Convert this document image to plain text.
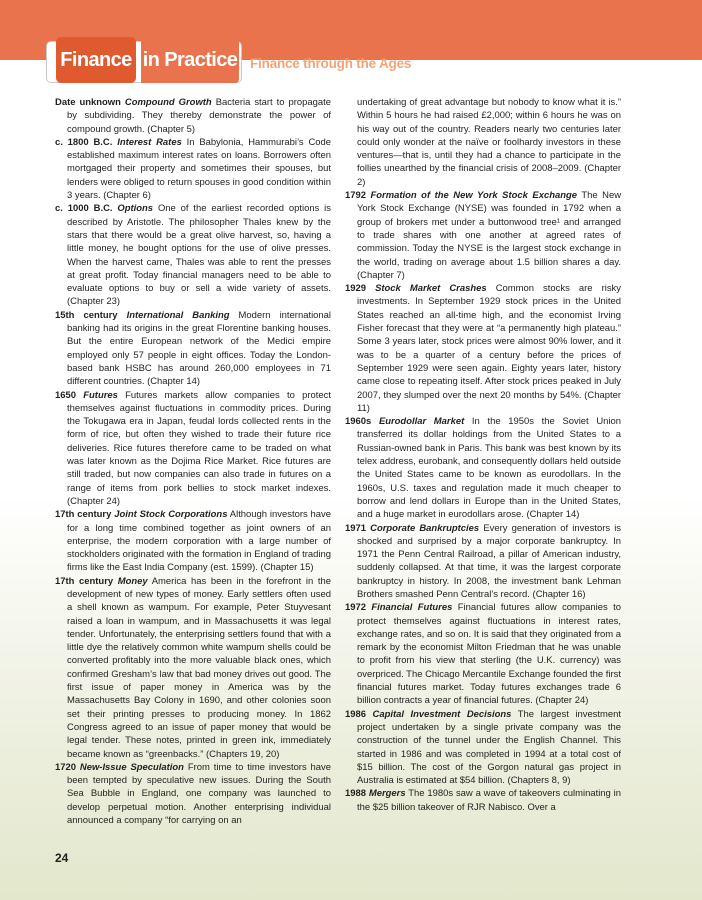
Finance in Practice Finance through the Ages

Date unknown Compound Growth Bacteria start to propagate by subdividing. They thereby demonstrate the power of compound growth. (Chapter 5)

c. 1800 B.C. Interest Rates In Babylonia, Hammurabi’s Code established maximum interest rates on loans. Borrowers often mortgaged their property and sometimes their spouses, but lenders were obliged to return spouses in good condition within 3 years. (Chapter 6)

c. 1000 B.C. Options One of the earliest recorded options is described by Aristotle. The philosopher Thales knew by the stars that there would be a great olive harvest, so, having a little money, he bought options for the use of olive presses. When the harvest came, Thales was able to rent the presses at great profit. Today financial managers need to be able to evaluate options to buy or sell a wide variety of assets. (Chapter 23)

15th century International Banking Modern international banking had its origins in the great Florentine banking houses. But the entire European network of the Medici empire employed only 57 people in eight offices. Today the London-based bank HSBC has around 260,000 employees in 71 different countries. (Chapter 14)

1650 Futures Futures markets allow companies to protect themselves against fluctuations in commodity prices. During the Tokugawa era in Japan, feudal lords collected rents in the form of rice, but often they wished to trade their future rice deliveries. Rice futures therefore came to be traded on what was later known as the Dojima Rice Market. Rice futures are still traded, but now companies can also trade in futures on a range of items from pork bellies to stock market indexes. (Chapter 24)

17th century Joint Stock Corporations Although investors have for a long time combined together as joint owners of an enterprise, the modern corporation with a large number of stockholders originated with the formation in England of trading firms like the East India Company (est. 1599). (Chapter 15)

17th century Money America has been in the forefront in the development of new types of money. Early settlers often used a shell known as wampum. For example, Peter Stuyvesant raised a loan in wampum, and in Massachusetts it was legal tender. Unfortunately, the enterprising settlers found that with a little dye the relatively common white wampum shells could be converted profitably into the more valuable black ones, which confirmed Gresham’s law that bad money drives out good. The first issue of paper money in America was by the Massachusetts Bay Colony in 1690, and other colonies soon set their printing presses to producing money. In 1862 Congress agreed to an issue of paper money that would be legal tender. These notes, printed in green ink, immediately became known as “greenbacks.” (Chapters 19, 20)

1720 New-Issue Speculation From time to time investors have been tempted by speculative new issues. During the South Sea Bubble in England, one company was launched to develop perpetual motion. Another enterprising individual announced a company “for carrying on an

undertaking of great advantage but nobody to know what it is.” Within 5 hours he had raised £2,000; within 6 hours he was on his way out of the country. Readers nearly two centuries later could only wonder at the naïve or foolhardy investors in these ventures—that is, until they had a chance to participate in the follies unearthed by the financial crisis of 2008–2009. (Chapter 2)

1792 Formation of the New York Stock Exchange The New York Stock Exchange (NYSE) was founded in 1792 when a group of brokers met under a buttonwood tree¹ and arranged to trade shares with one another at agreed rates of commission. Today the NYSE is the largest stock exchange in the world, trading on average about 1.5 billion shares a day. (Chapter 7)

1929 Stock Market Crashes Common stocks are risky investments. In September 1929 stock prices in the United States reached an all-time high, and the economist Irving Fisher forecast that they were at “a permanently high plateau.” Some 3 years later, stock prices were almost 90% lower, and it was to be a quarter of a century before the prices of September 1929 were seen again. Eighty years later, history came close to repeating itself. After stock prices peaked in July 2007, they slumped over the next 20 months by 54%. (Chapter 11)

1960s Eurodollar Market In the 1950s the Soviet Union transferred its dollar holdings from the United States to a Russian-owned bank in Paris. This bank was best known by its telex address, eurobank, and consequently dollars held outside the United States came to be known as eurodollars. In the 1960s, U.S. taxes and regulation made it much cheaper to borrow and lend dollars in Europe than in the United States, and a huge market in eurodollars arose. (Chapter 14)

1971 Corporate Bankruptcies Every generation of investors is shocked and surprised by a major corporate bankruptcy. In 1971 the Penn Central Railroad, a pillar of American industry, suddenly collapsed. At that time, it was the largest corporate bankruptcy in history. In 2008, the investment bank Lehman Brothers smashed Penn Central’s record. (Chapter 16)

1972 Financial Futures Financial futures allow companies to protect themselves against fluctuations in interest rates, exchange rates, and so on. It is said that they originated from a remark by the economist Milton Friedman that he was unable to profit from his view that sterling (the U.K. currency) was overpriced. The Chicago Mercantile Exchange founded the first financial futures market. Today futures exchanges trade 6 billion contracts a year of financial futures. (Chapter 24)

1986 Capital Investment Decisions The largest investment project undertaken by a single private company was the construction of the tunnel under the English Channel. This started in 1986 and was completed in 1994 at a total cost of $15 billion. The cost of the Gorgon natural gas project in Australia is estimated at $54 billion. (Chapters 8, 9)

1988 Mergers The 1980s saw a wave of takeovers culminating in the $25 billion takeover of RJR Nabisco. Over a

24
